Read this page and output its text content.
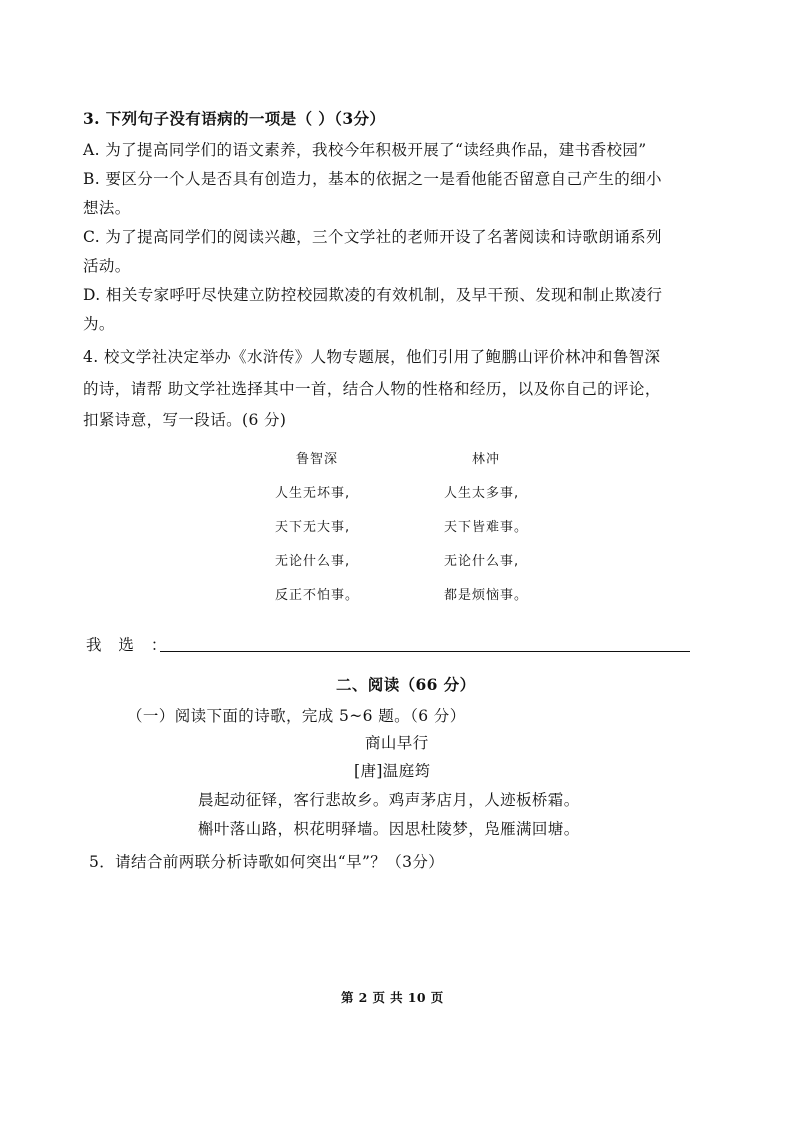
3. 下列句子没有语病的一项是（ ）（3分）
A. 为了提高同学们的语文素养，我校今年积极开展了“读经典作品，建书香校园”
B. 要区分一个人是否具有创造力，基本的依据之一是看他能否留意自己产生的细小
想法。
C. 为了提高同学们的阅读兴趣，三个文学社的老师开设了名著阅读和诗歌朗诵系列
活动。
D. 相关专家呼吁尽快建立防控校园欺凌的有效机制，及早干预、发现和制止欺凌行
为。
4. 校文学社决定举办《水浒传》人物专题展，他们引用了鲍鹏山评价林冲和鲁智深
的诗，请帮 助文学社选择其中一首，结合人物的性格和经历，以及你自己的评论，
扣紧诗意，写一段话。(6 分)
鲁智深
人生无坏事,
天下无大事,
无论什么事,
反正不怕事。
林冲
人生太多事,
天下皆难事。
无论什么事,
都是烦恼事。
我 选 ：
二、阅读（66 分）
（一）阅读下面的诗歌，完成 5~6 题。（6 分）
商山早行
[唐]温庭筠
晨起动征铎，客行悲故乡。鸡声茅店月，人迹板桥霜。
槲叶落山路，枳花明驿墙。因思杜陵梦，凫雁满回塘。
5．请结合前两联分析诗歌如何突出“早”？（3分）
第 2 页 共 10 页
